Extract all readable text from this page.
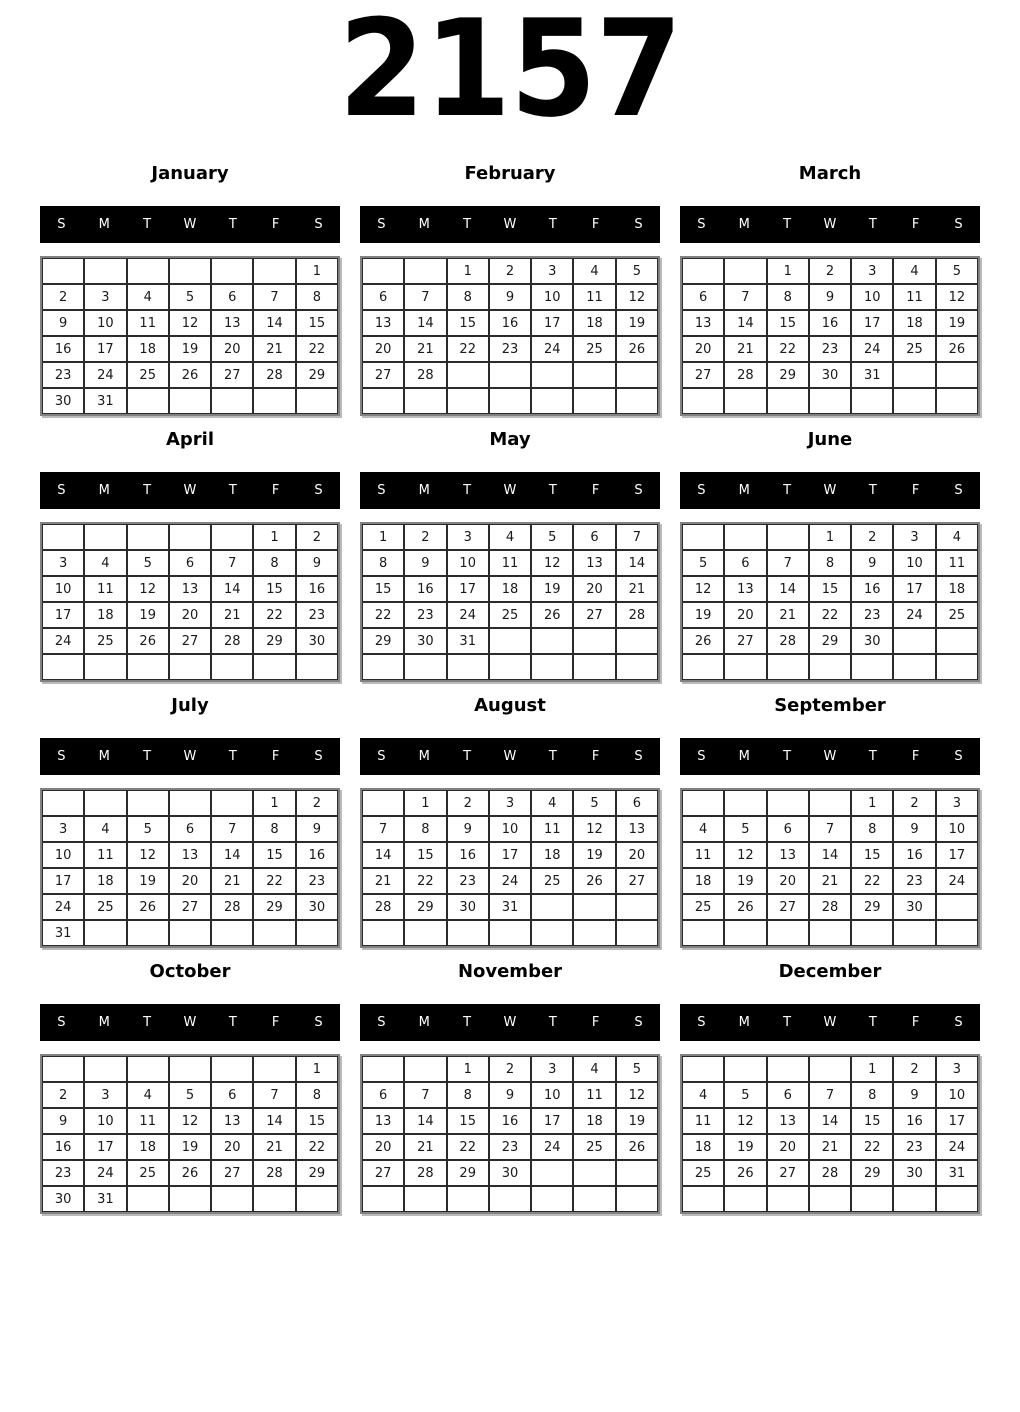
2157
January
S	M	T	W	T	F	S
						1
2	3	4	5	6	7	8
9	10	11	12	13	14	15
16	17	18	19	20	21	22
23	24	25	26	27	28	29
30	31					
February
S	M	T	W	T	F	S
		1	2	3	4	5
6	7	8	9	10	11	12
13	14	15	16	17	18	19
20	21	22	23	24	25	26
27	28					

March
S	M	T	W	T	F	S
		1	2	3	4	5
6	7	8	9	10	11	12
13	14	15	16	17	18	19
20	21	22	23	24	25	26
27	28	29	30	31		

April
S	M	T	W	T	F	S
					1	2
3	4	5	6	7	8	9
10	11	12	13	14	15	16
17	18	19	20	21	22	23
24	25	26	27	28	29	30

May
S	M	T	W	T	F	S
1	2	3	4	5	6	7
8	9	10	11	12	13	14
15	16	17	18	19	20	21
22	23	24	25	26	27	28
29	30	31				

June
S	M	T	W	T	F	S
			1	2	3	4
5	6	7	8	9	10	11
12	13	14	15	16	17	18
19	20	21	22	23	24	25
26	27	28	29	30		

July
S	M	T	W	T	F	S
					1	2
3	4	5	6	7	8	9
10	11	12	13	14	15	16
17	18	19	20	21	22	23
24	25	26	27	28	29	30
31						
August
S	M	T	W	T	F	S
	1	2	3	4	5	6
7	8	9	10	11	12	13
14	15	16	17	18	19	20
21	22	23	24	25	26	27
28	29	30	31			

September
S	M	T	W	T	F	S
				1	2	3
4	5	6	7	8	9	10
11	12	13	14	15	16	17
18	19	20	21	22	23	24
25	26	27	28	29	30	

October
S	M	T	W	T	F	S
						1
2	3	4	5	6	7	8
9	10	11	12	13	14	15
16	17	18	19	20	21	22
23	24	25	26	27	28	29
30	31					
November
S	M	T	W	T	F	S
		1	2	3	4	5
6	7	8	9	10	11	12
13	14	15	16	17	18	19
20	21	22	23	24	25	26
27	28	29	30			

December
S	M	T	W	T	F	S
				1	2	3
4	5	6	7	8	9	10
11	12	13	14	15	16	17
18	19	20	21	22	23	24
25	26	27	28	29	30	31
